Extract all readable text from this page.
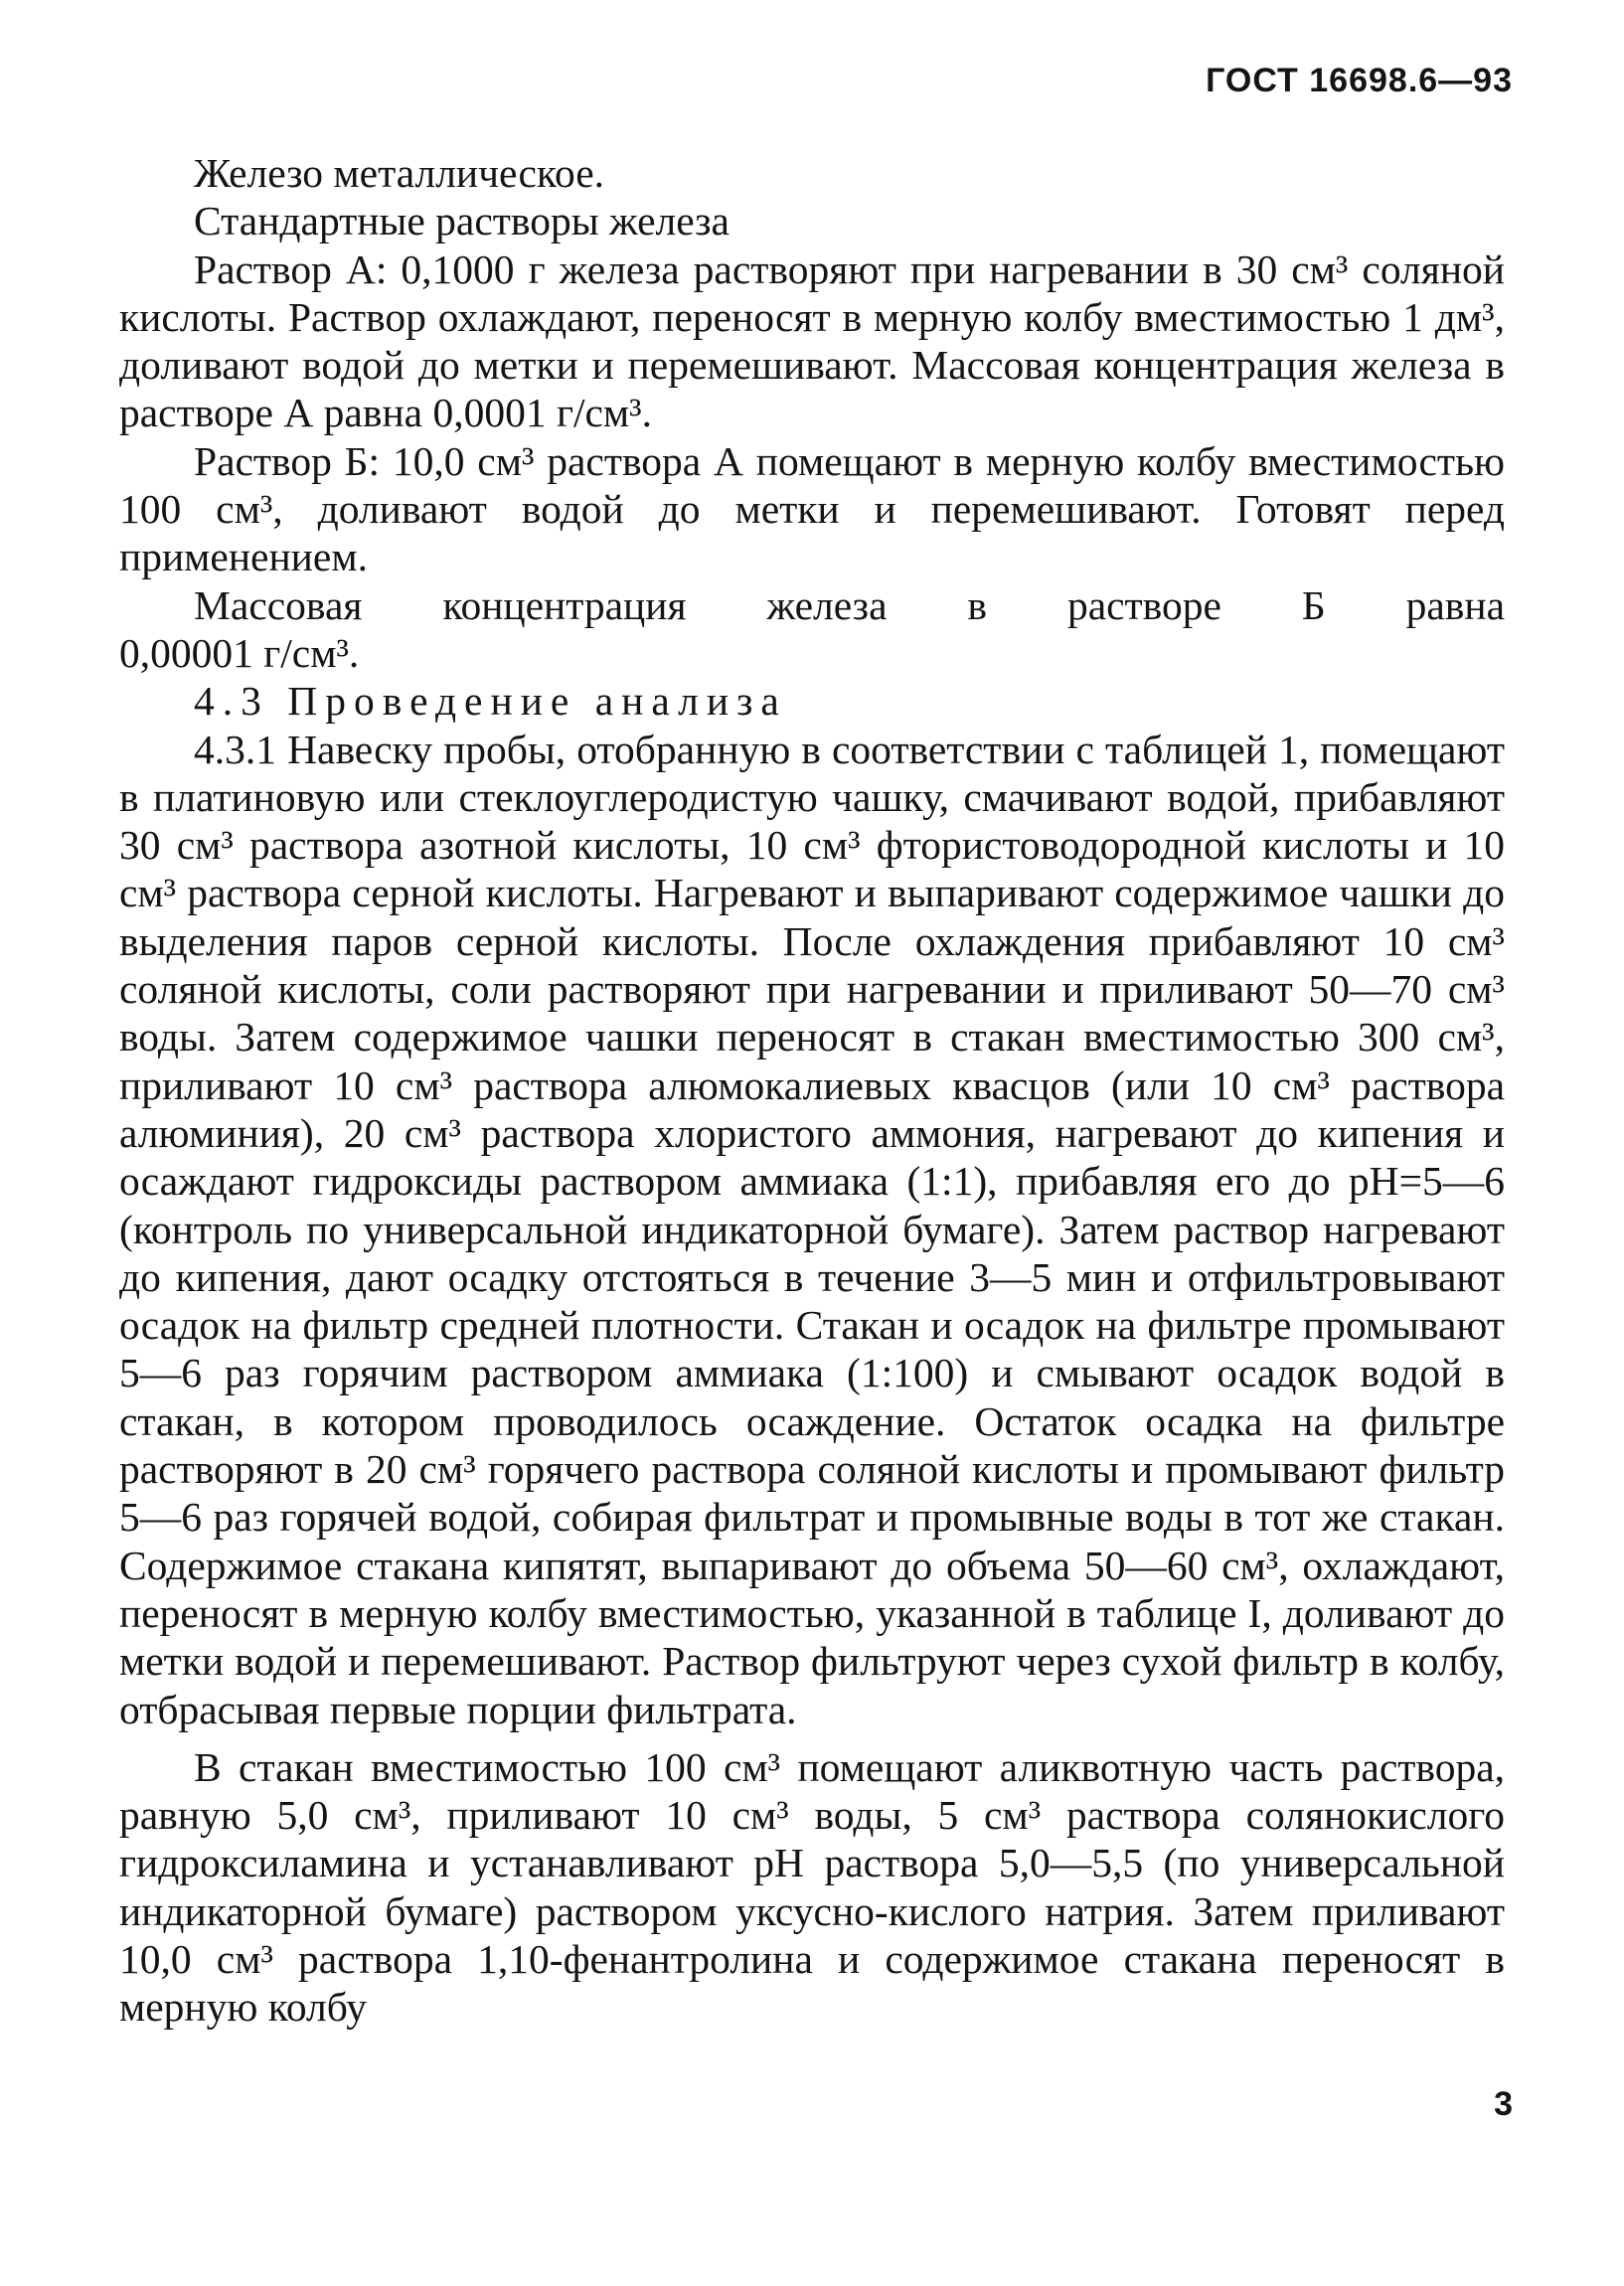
ГОСТ 16698.6—93

Железо металлическое.

Стандартные растворы железа

Раствор А: 0,1000 г железа растворяют при нагревании в 30 см³ соляной кислоты. Раствор охлаждают, переносят в мерную колбу вместимостью 1 дм³, доливают водой до метки и перемешивают. Массовая концентрация железа в растворе А равна 0,0001 г/см³.

Раствор Б: 10,0 см³ раствора А помещают в мерную колбу вместимостью 100 см³, доливают водой до метки и перемешивают. Готовят перед применением.

Массовая концентрация железа в растворе Б равна

0,00001 г/см³.

4.3 Проведение анализа

4.3.1 Навеску пробы, отобранную в соответствии с таблицей 1, помещают в платиновую или стеклоуглеродистую чашку, смачивают водой, прибавляют 30 см³ раствора азотной кислоты, 10 см³ фтористоводородной кислоты и 10 см³ раствора серной кислоты. Нагревают и выпаривают содержимое чашки до выделения паров серной кислоты. После охлаждения прибавляют 10 см³ соляной кислоты, соли растворяют при нагревании и приливают 50—70 см³ воды. Затем содержимое чашки переносят в стакан вместимостью 300 см³, приливают 10 см³ раствора алюмокалиевых квасцов (или 10 см³ раствора алюминия), 20 см³ раствора хлористого аммония, нагревают до кипения и осаждают гидроксиды раствором аммиака (1:1), прибавляя его до pH=5—6 (контроль по универсальной индикаторной бумаге). Затем раствор нагревают до кипения, дают осадку отстояться в течение 3—5 мин и отфильтровывают осадок на фильтр средней плотности. Стакан и осадок на фильтре промывают 5—6 раз горячим раствором аммиака (1:100) и смывают осадок водой в стакан, в котором проводилось осаждение. Остаток осадка на фильтре растворяют в 20 см³ горячего раствора соляной кислоты и промывают фильтр 5—6 раз горячей водой, собирая фильтрат и промывные воды в тот же стакан. Содержимое стакана кипятят, выпаривают до объема 50—60 см³, охлаждают, переносят в мерную колбу вместимостью, указанной в таблице I, доливают до метки водой и перемешивают. Раствор фильтруют через сухой фильтр в колбу, отбрасывая первые порции фильтрата.

В стакан вместимостью 100 см³ помещают аликвотную часть раствора, равную 5,0 см³, приливают 10 см³ воды, 5 см³ раствора солянокислого гидроксиламина и устанавливают pH раствора 5,0—5,5 (по универсальной индикаторной бумаге) раствором уксусно-кислого натрия. Затем приливают 10,0 см³ раствора 1,10-фенантролина и содержимое стакана переносят в мерную колбу

3
